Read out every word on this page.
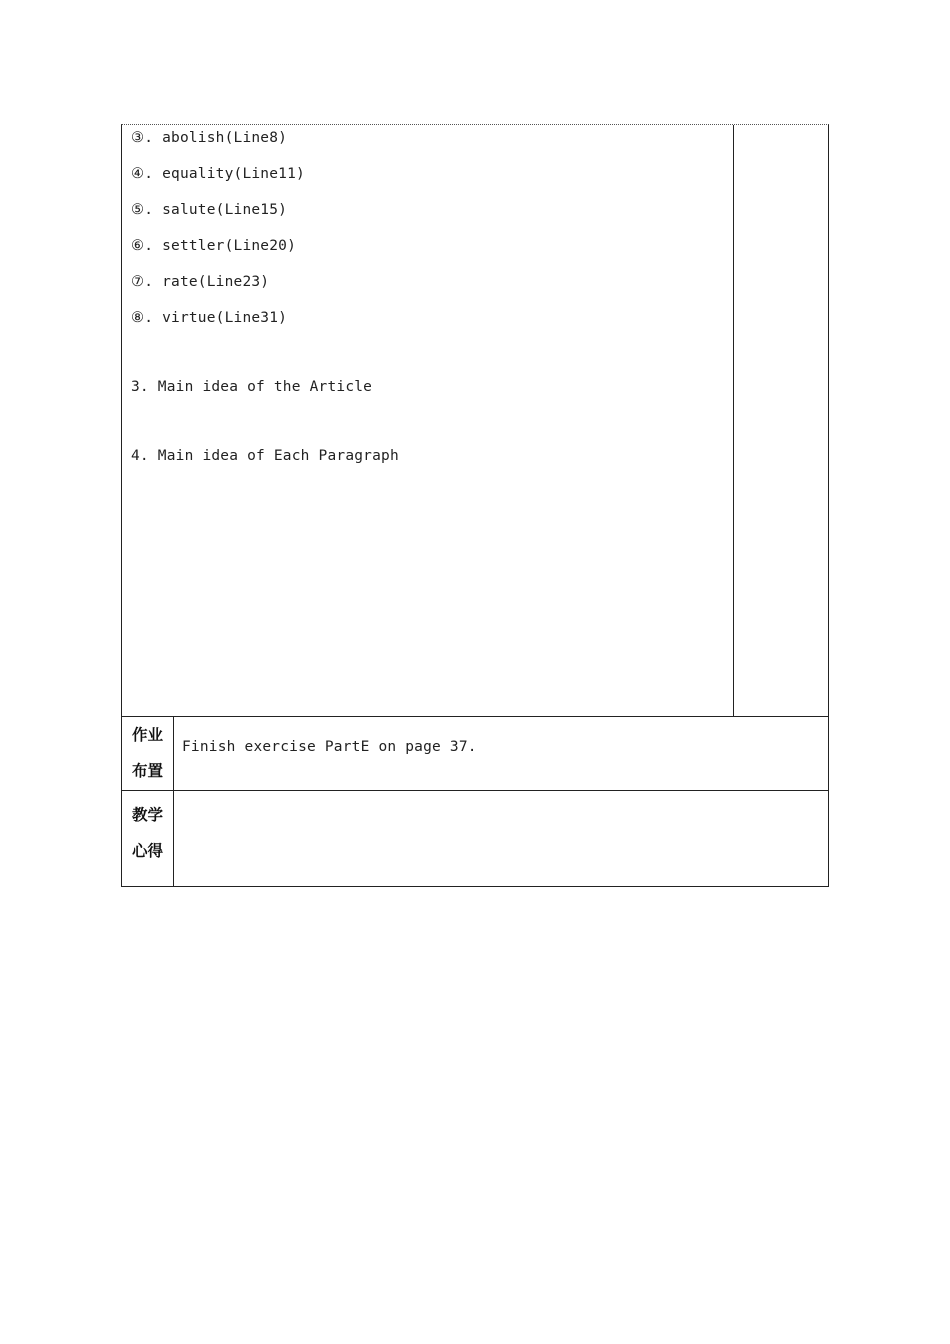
③. abolish(Line8)
④. equality(Line11)
⑤. salute(Line15)
⑥. settler(Line20)
⑦. rate(Line23)
⑧. virtue(Line31)
3. Main idea of the Article
4. Main idea of Each Paragraph
作业
布置
Finish exercise PartE on page 37.
教学
心得
